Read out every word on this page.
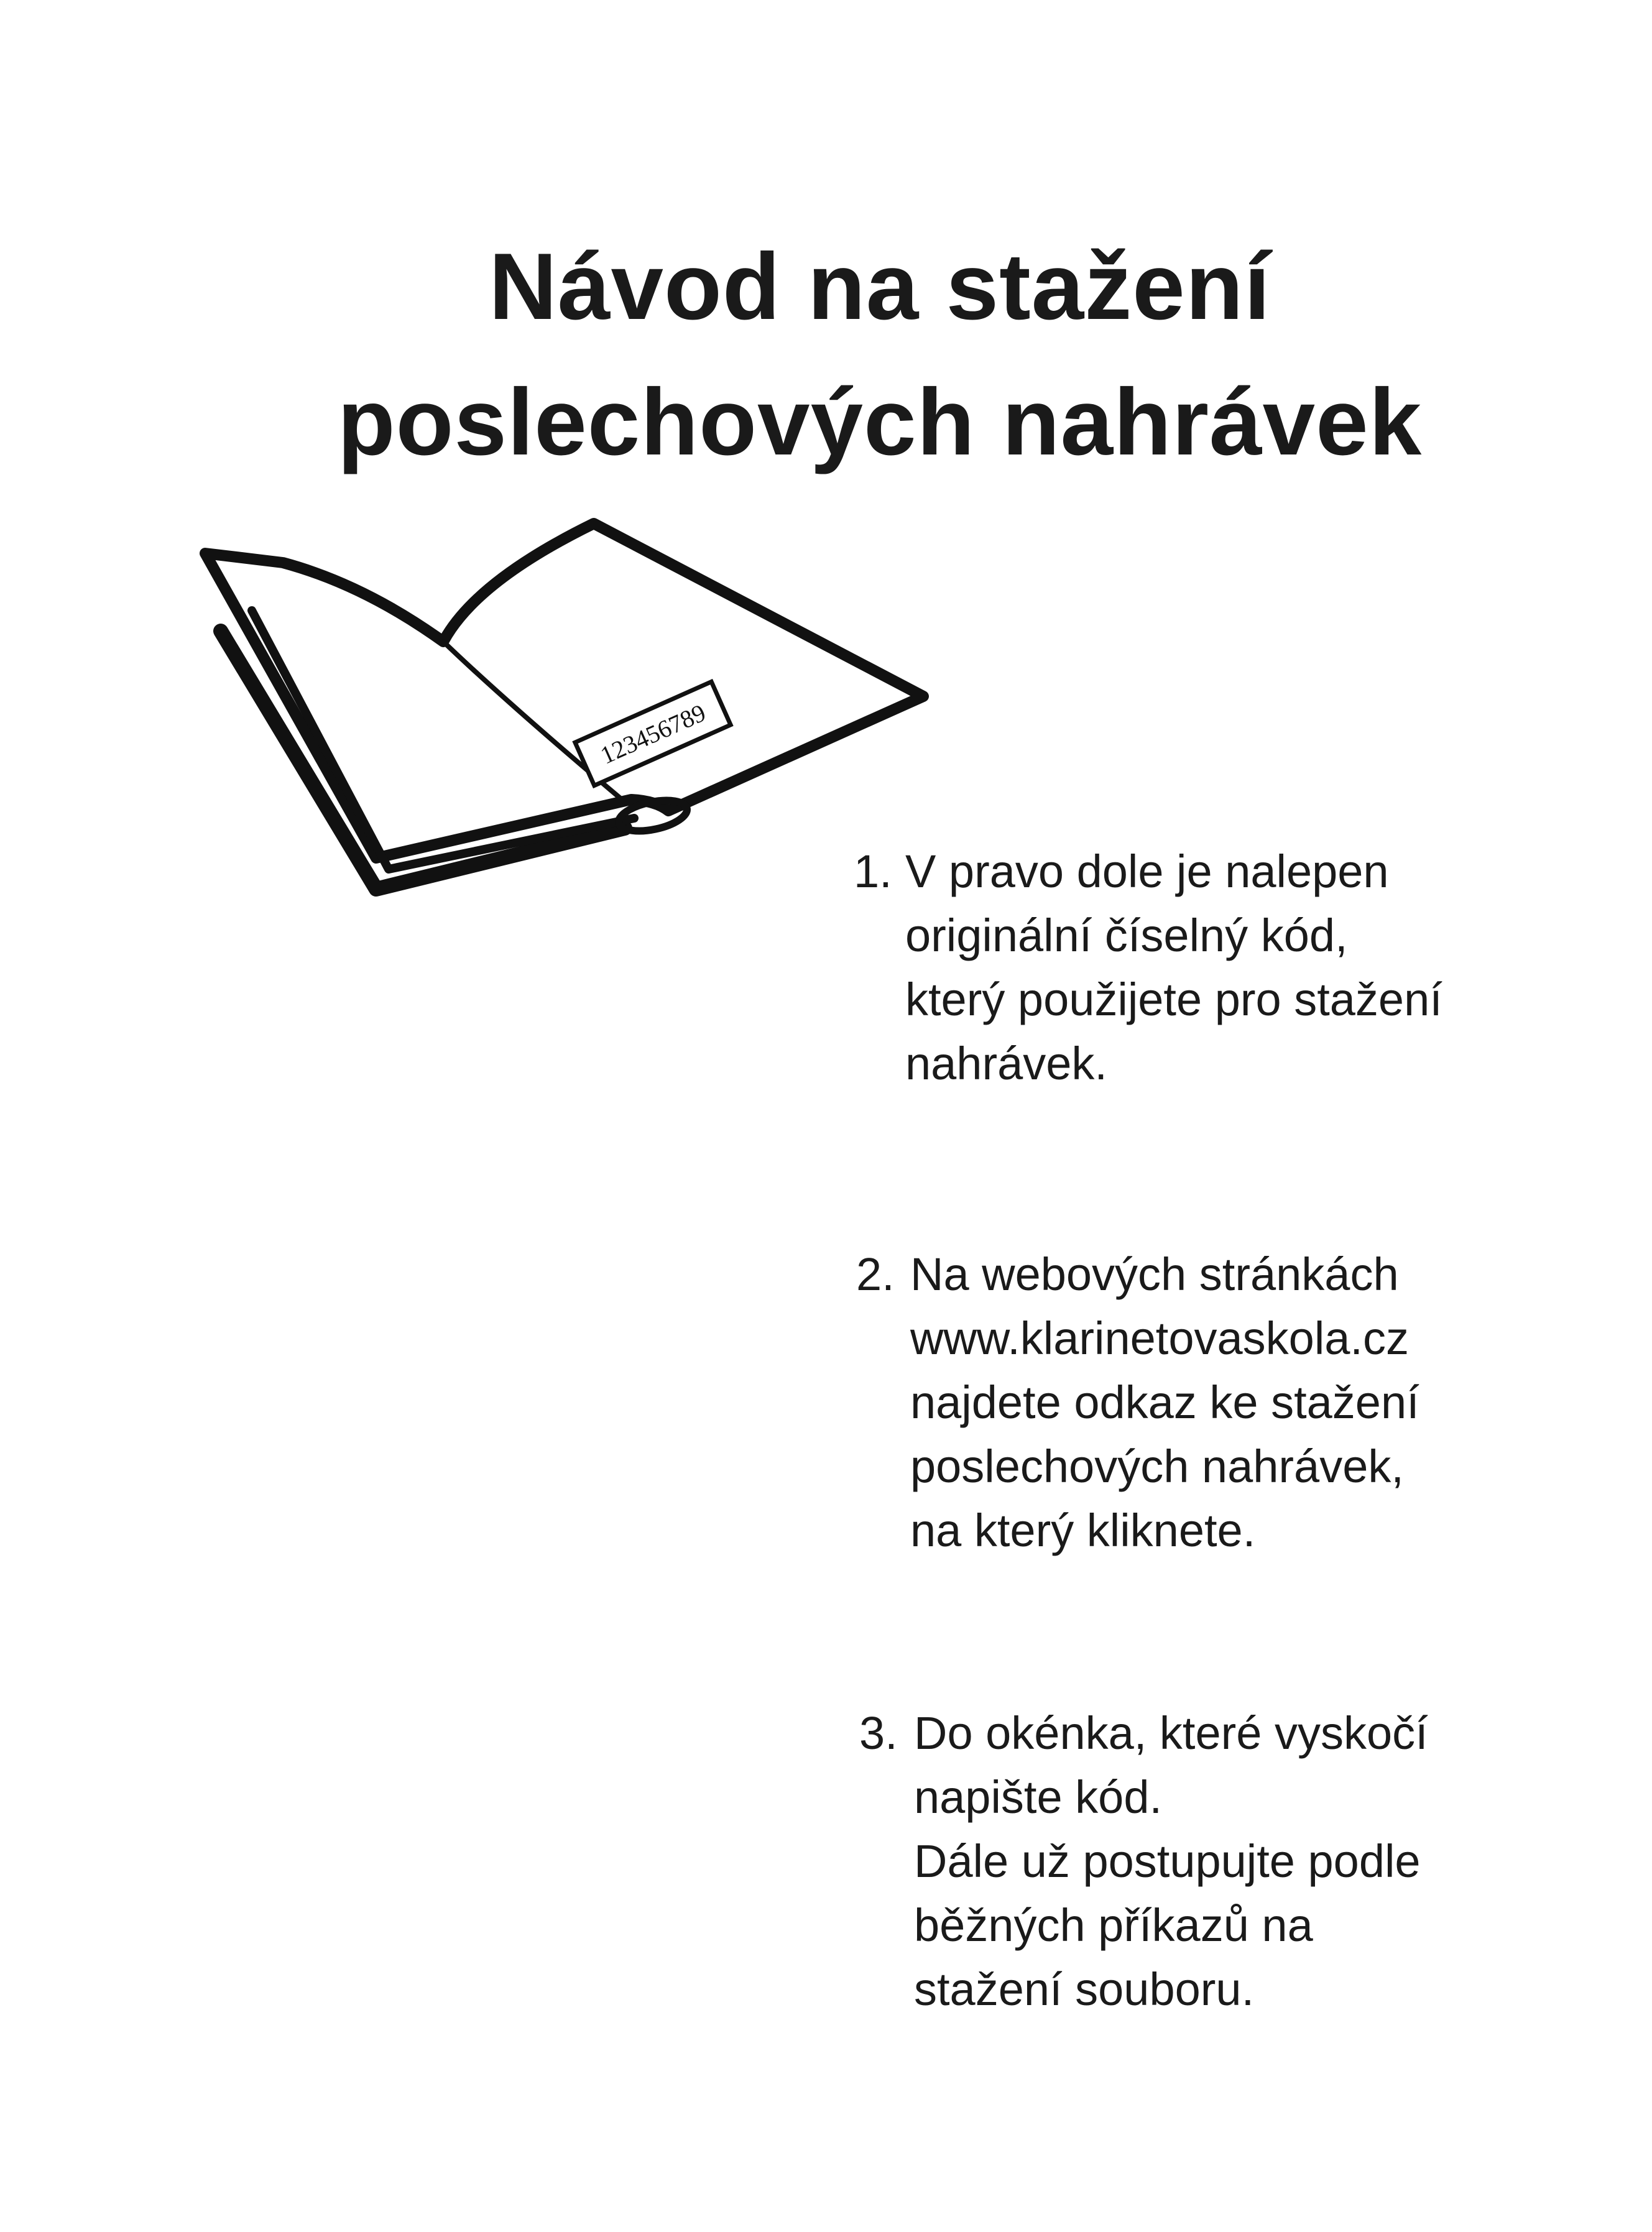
Návod na stažení
poslechových nahrávek
123456789
1. V pravo dole je nalepen
originální číselný kód,
který použijete pro stažení
nahrávek.
2. Na webových stránkách
www.klarinetovaskola.cz
najdete odkaz ke stažení
poslechových nahrávek,
na který kliknete.
3. Do okénka, které vyskočí
napište kód.
Dále už postupujte podle
běžných příkazů na
stažení souboru.
